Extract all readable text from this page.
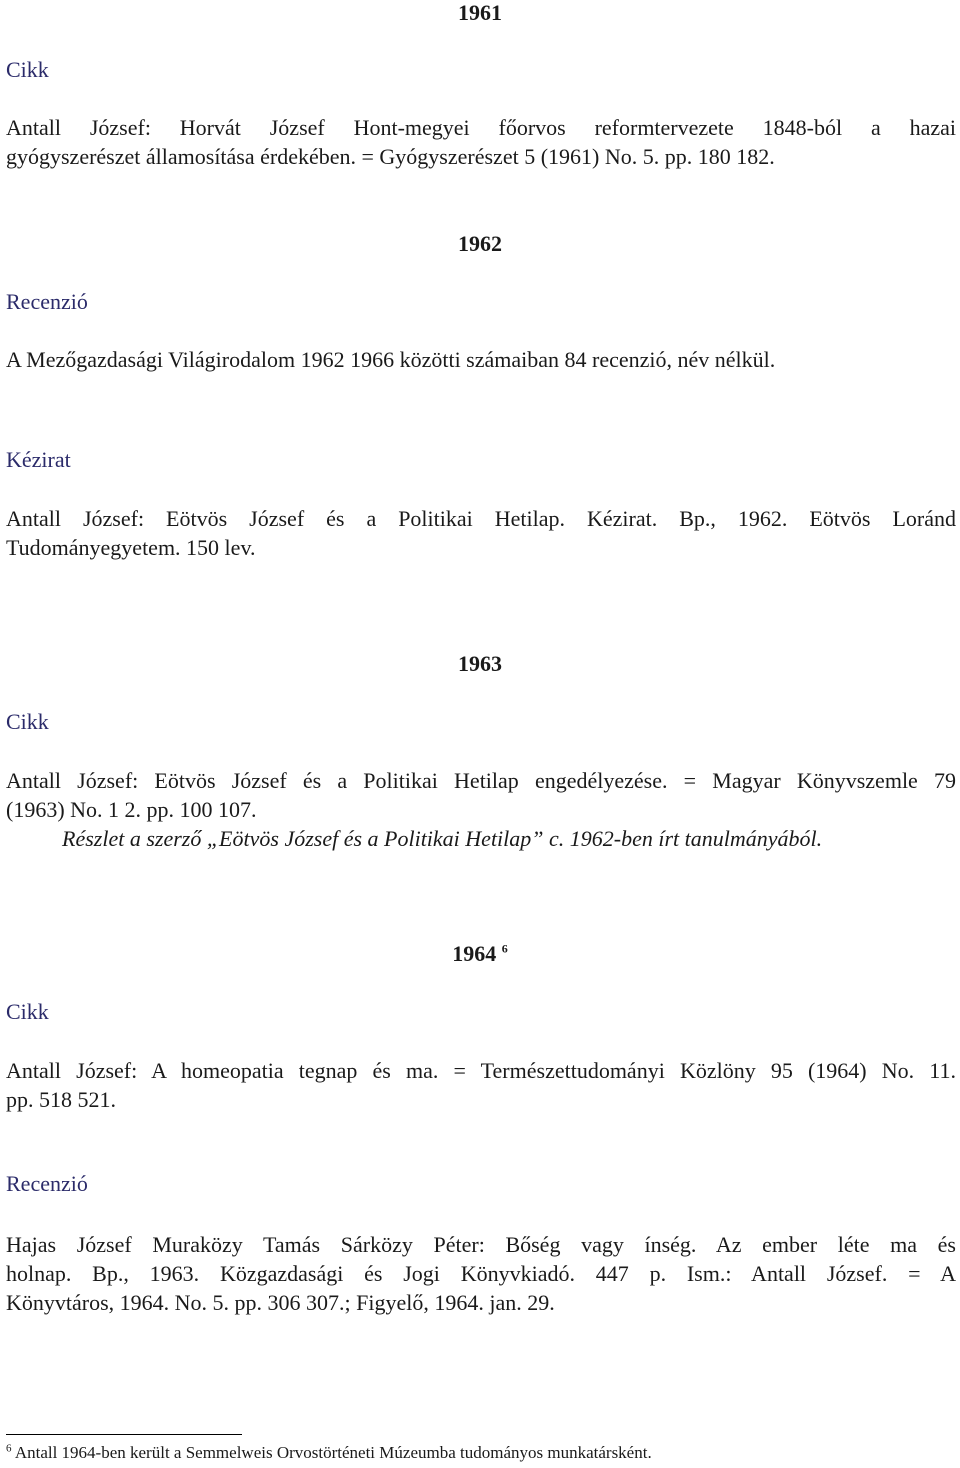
1961
Cikk
Antall József: Horvát József Hont-megyei főorvos reformtervezete 1848-ból a hazai
gyógyszerészet államosítása érdekében. = Gyógyszerészet 5 (1961) No. 5. pp. 180 182.
1962
Recenzió
A Mezőgazdasági Világirodalom 1962 1966 közötti számaiban 84 recenzió, név nélkül.
Kézirat
Antall József: Eötvös József és a Politikai Hetilap. Kézirat. Bp., 1962. Eötvös Loránd
Tudományegyetem. 150 lev.
1963
Cikk
Antall József: Eötvös József és a Politikai Hetilap engedélyezése. = Magyar Könyvszemle 79
(1963) No. 1 2. pp. 100 107.
Részlet a szerző „Eötvös József és a Politikai Hetilap” c. 1962-ben írt tanulmányából.
1964 $^6$
Cikk
Antall József: A homeopatia tegnap és ma. = Természettudományi Közlöny 95 (1964) No. 11.
pp. 518 521.
Recenzió
Hajas József Muraközy Tamás Sárközy Péter: Bőség vagy ínség. Az ember léte ma és
holnap. Bp., 1963. Közgazdasági és Jogi Könyvkiadó. 447 p. Ism.: Antall József. = A
Könyvtáros, 1964. No. 5. pp. 306 307.; Figyelő, 1964. jan. 29.
$^6$ Antall 1964-ben került a Semmelweis Orvostörténeti Múzeumba tudományos munkatársként.
